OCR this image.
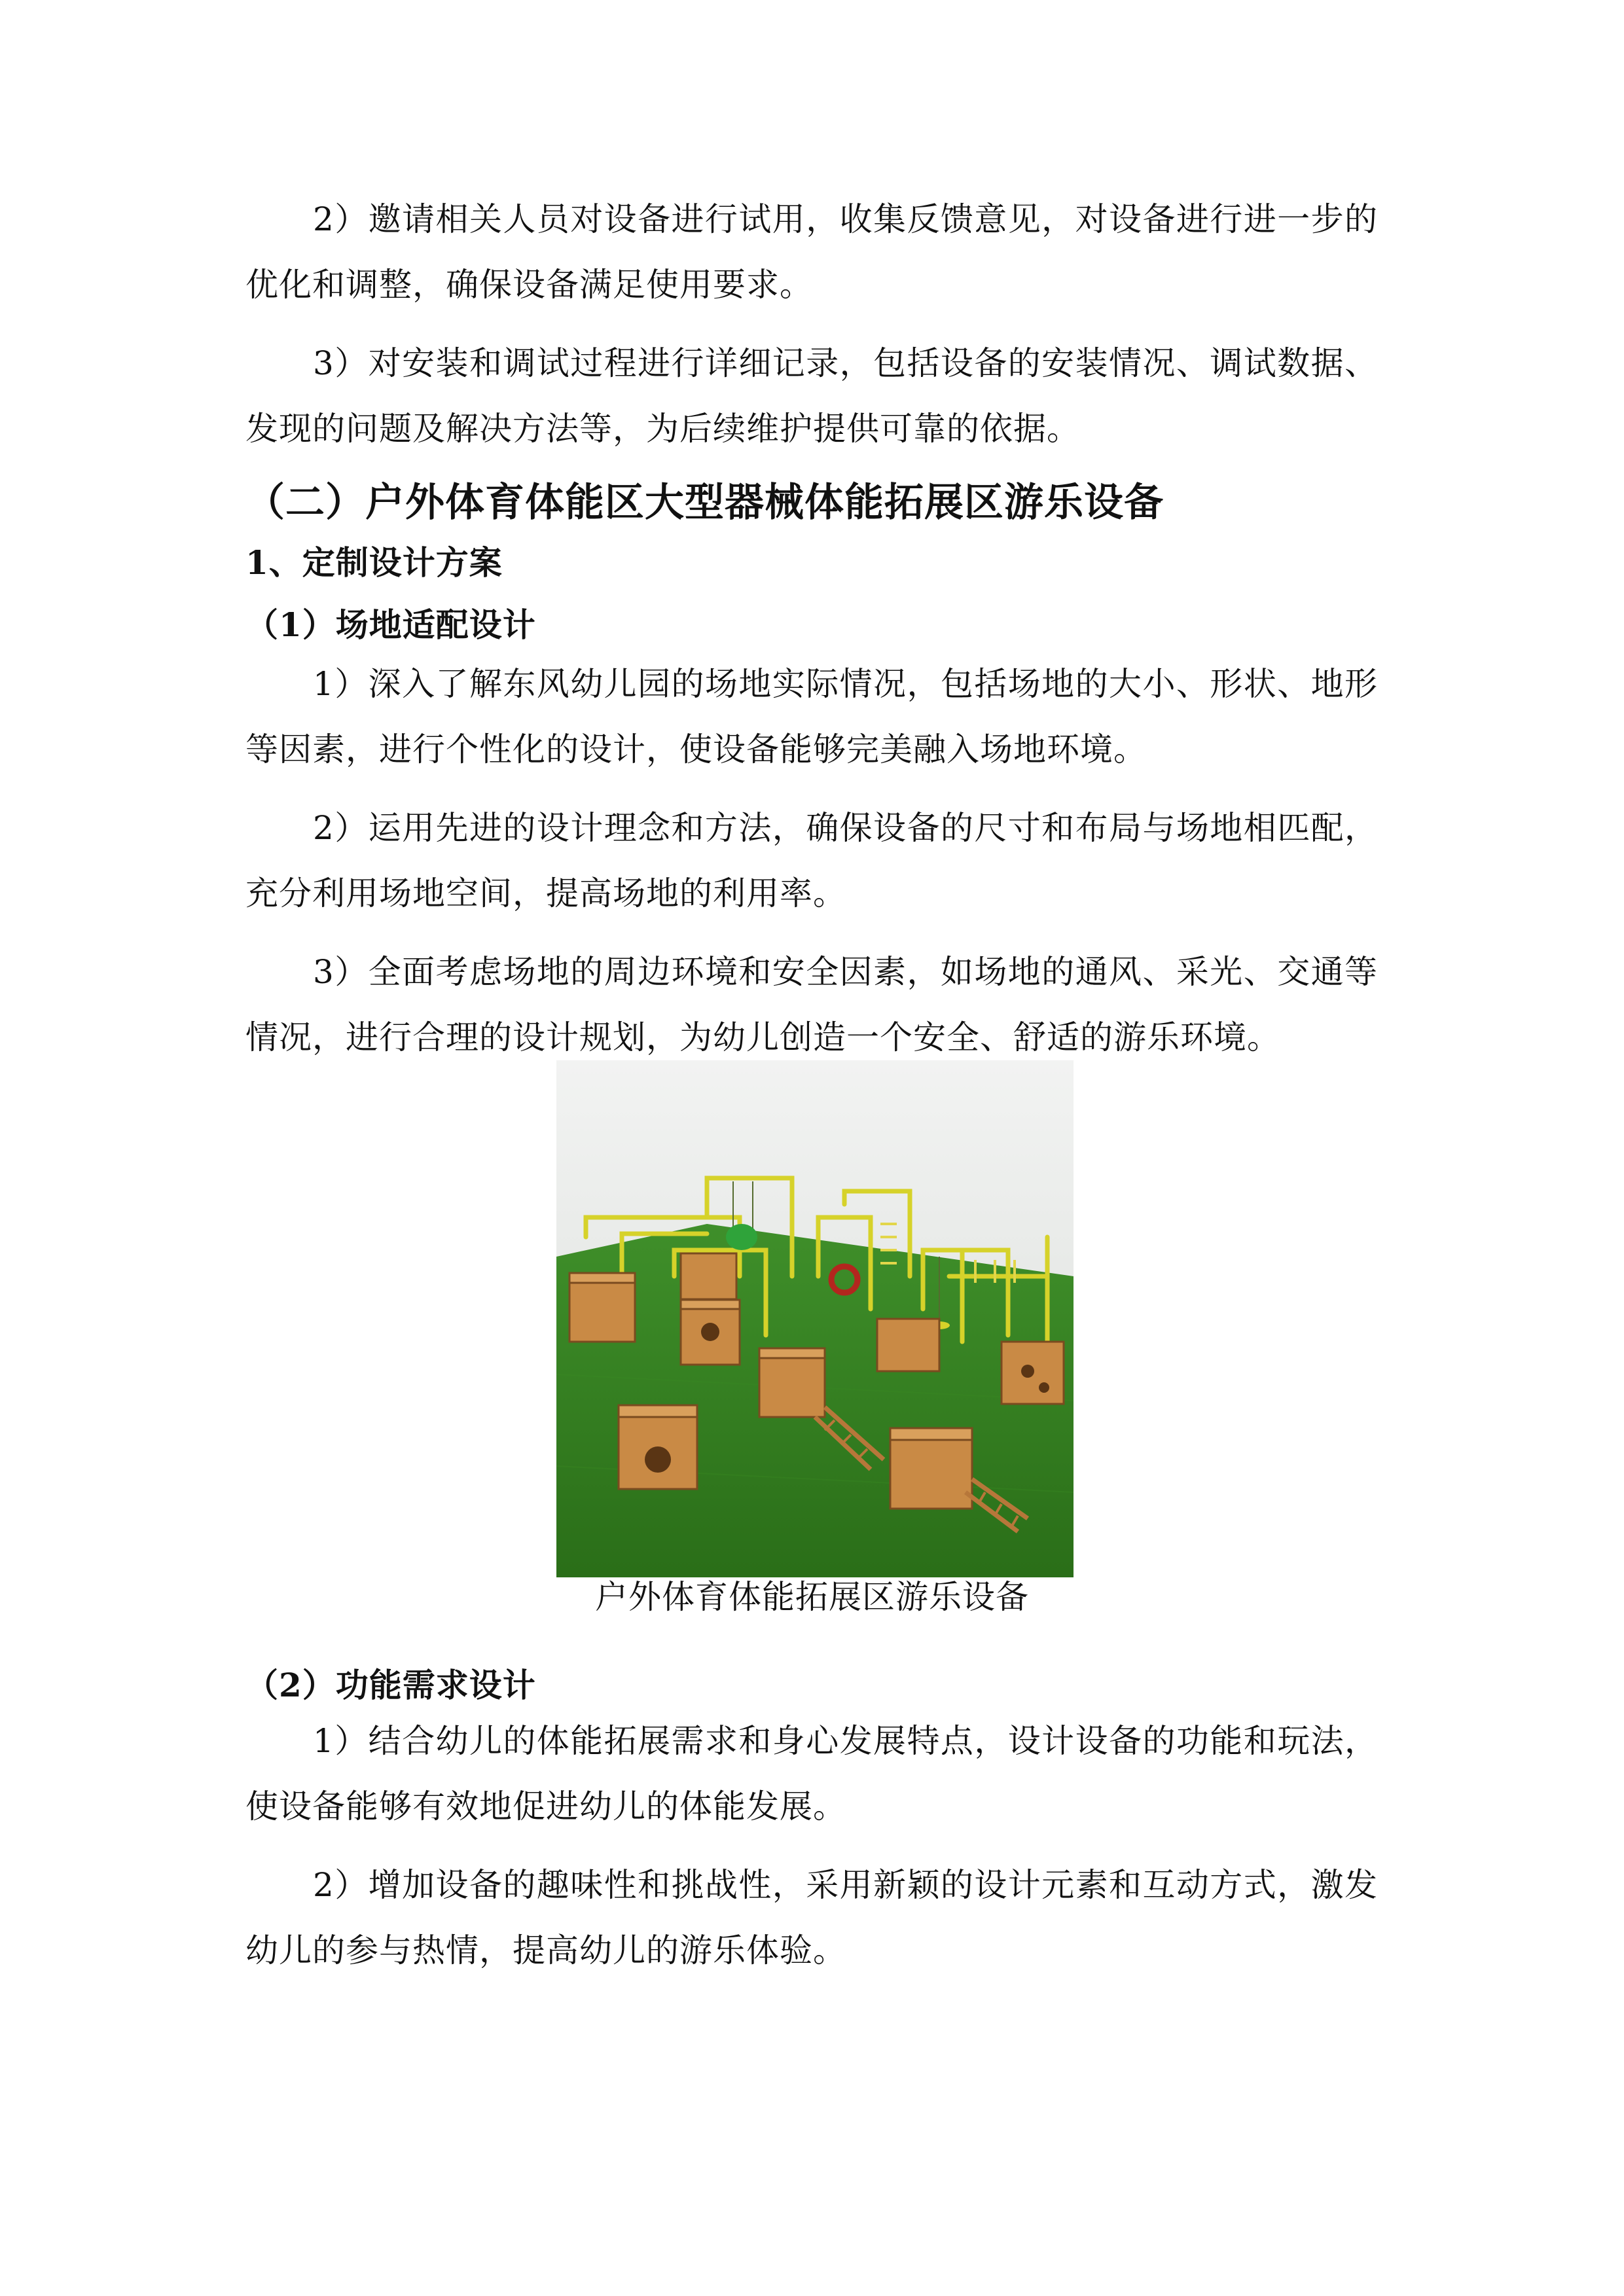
2）邀请相关人员对设备进行试用，收集反馈意见，对设备进行进一步的优化和调整，确保设备满足使用要求。

3）对安装和调试过程进行详细记录，包括设备的安装情况、调试数据、发现的问题及解决方法等，为后续维护提供可靠的依据。

（二）户外体育体能区大型器械体能拓展区游乐设备
1、定制设计方案
（1）场地适配设计

1）深入了解东风幼儿园的场地实际情况，包括场地的大小、形状、地形等因素，进行个性化的设计，使设备能够完美融入场地环境。

2）运用先进的设计理念和方法，确保设备的尺寸和布局与场地相匹配，充分利用场地空间，提高场地的利用率。

3）全面考虑场地的周边环境和安全因素，如场地的通风、采光、交通等情况，进行合理的设计规划，为幼儿创造一个安全、舒适的游乐环境。

户外体育体能拓展区游乐设备

（2）功能需求设计

1）结合幼儿的体能拓展需求和身心发展特点，设计设备的功能和玩法，使设备能够有效地促进幼儿的体能发展。

2）增加设备的趣味性和挑战性，采用新颖的设计元素和互动方式，激发幼儿的参与热情，提高幼儿的游乐体验。
